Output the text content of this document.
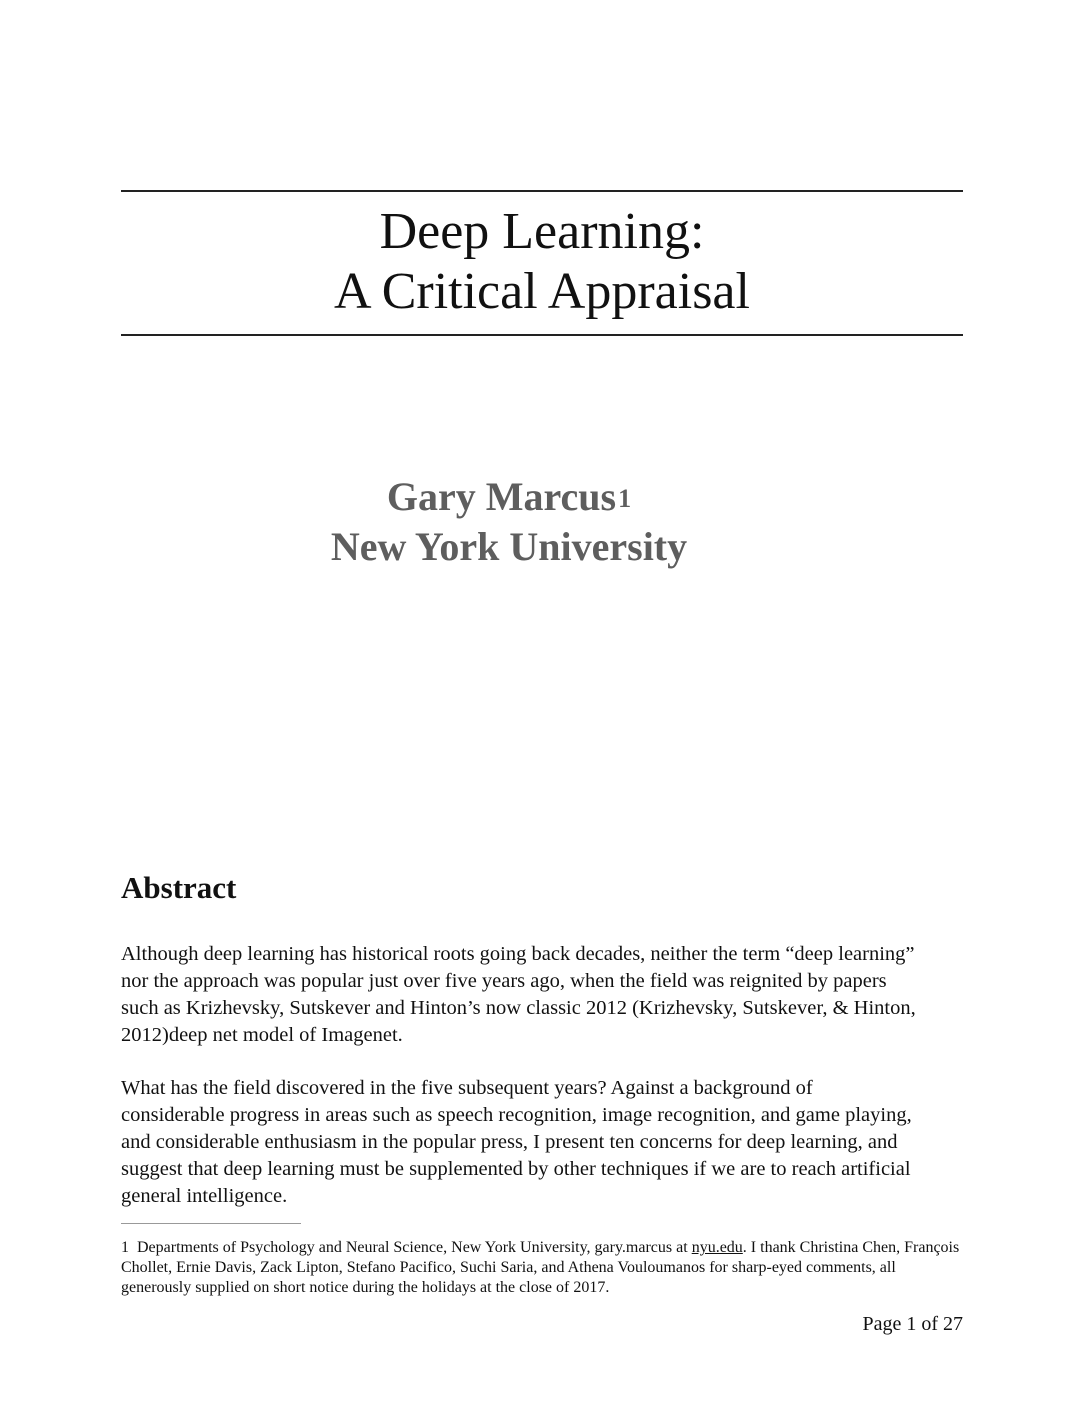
Deep Learning:
A Critical Appraisal
Gary Marcus$^1$
New York University
Abstract

Although deep learning has historical roots going back decades, neither the term “deep learning” nor the approach was popular just over five years ago, when the field was reignited by papers such as Krizhevsky, Sutskever and Hinton’s now classic 2012 (Krizhevsky, Sutskever, & Hinton, 2012)deep net model of Imagenet.

What has the field discovered in the five subsequent years? Against a background of considerable progress in areas such as speech recognition, image recognition, and game playing, and considerable enthusiasm in the popular press, I present ten concerns for deep learning, and suggest that deep learning must be supplemented by other techniques if we are to reach artificial general intelligence.

1 Departments of Psychology and Neural Science, New York University, gary.marcus at nyu.edu. I thank Christina Chen, François Chollet, Ernie Davis, Zack Lipton, Stefano Pacifico, Suchi Saria, and Athena Vouloumanos for sharp-eyed comments, all generously supplied on short notice during the holidays at the close of 2017.

Page 1 of 27
